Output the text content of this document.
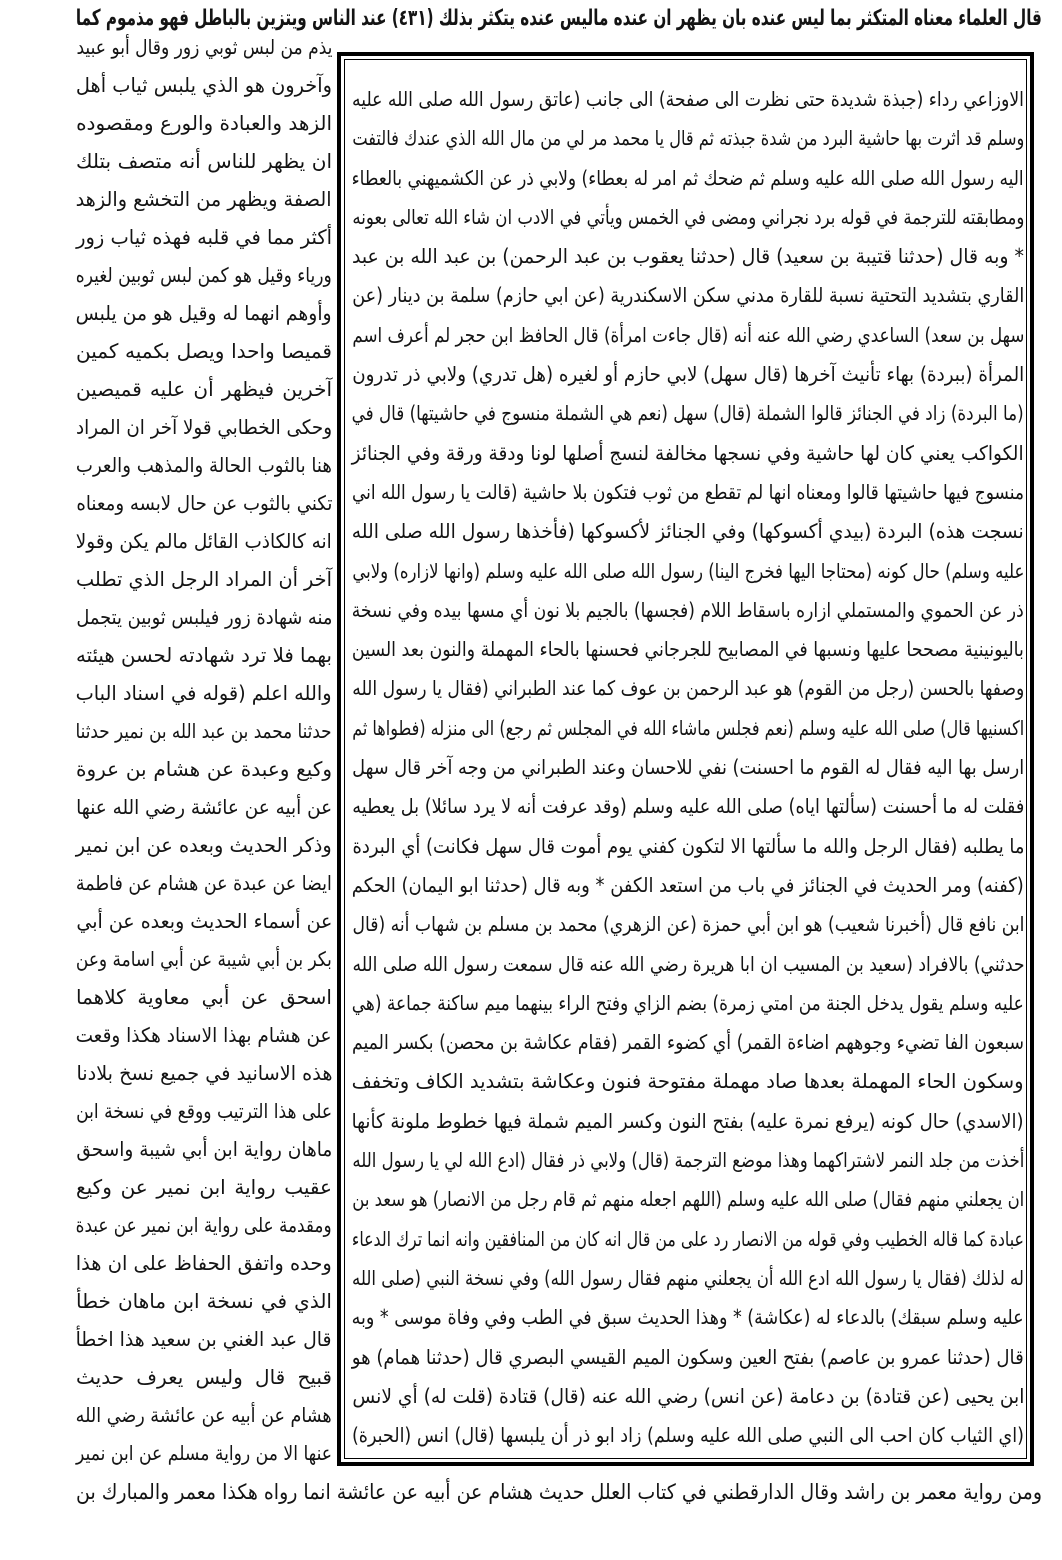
قال العلماء معناه المتكثر بما ليس عنده بان يظهر ان عنده ماليس عنده يتكثر بذلك (٤٣١) عند الناس ويتزين بالباطل فهو مذموم كما
الاوزاعي رداء (جبذة شديدة حتى نظرت الى صفحة) الى جانب (عاتق رسول الله صلى الله عليه
وسلم قد اثرت بها حاشية البرد من شدة جبذته ثم قال يا محمد مر لي من مال الله الذي عندك فالتفت
اليه رسول الله صلى الله عليه وسلم ثم ضحك ثم امر له بعطاء) ولابي ذر عن الكشميهني بالعطاء
ومطابقته للترجمة في قوله برد نجراني ومضى في الخمس ويأتي في الادب ان شاء الله تعالى بعونه
* وبه قال (حدثنا قتيبة بن سعيد) قال (حدثنا يعقوب بن عبد الرحمن) بن عبد الله بن عبد
القاري بتشديد التحتية نسبة للقارة مدني سكن الاسكندرية (عن ابي حازم) سلمة بن دينار (عن
سهل بن سعد) الساعدي رضي الله عنه أنه (قال جاءت امرأة) قال الحافظ ابن حجر لم أعرف اسم
المرأة (ببردة) بهاء تأنيث آخرها (قال سهل) لابي حازم أو لغيره (هل تدري) ولابي ذر تدرون
(ما البردة) زاد في الجنائز قالوا الشملة (قال) سهل (نعم هي الشملة منسوج في حاشيتها) قال في
الكواكب يعني كان لها حاشية وفي نسجها مخالفة لنسج أصلها لونا ودقة ورقة وفي الجنائز
منسوج فيها حاشيتها قالوا ومعناه انها لم تقطع من ثوب فتكون بلا حاشية (قالت يا رسول الله اني
نسجت هذه) البردة (بيدي أكسوكها) وفي الجنائز لأكسوكها (فأخذها رسول الله صلى الله
عليه وسلم) حال كونه (محتاجا اليها فخرج الينا) رسول الله صلى الله عليه وسلم (وانها لازاره) ولابي
ذر عن الحموي والمستملي ازاره باسقاط اللام (فجسها) بالجيم بلا نون أي مسها بيده وفي نسخة
باليونينية مصححا عليها ونسبها في المصابيح للجرجاني فحسنها بالحاء المهملة والنون بعد السين
وصفها بالحسن (رجل من القوم) هو عبد الرحمن بن عوف كما عند الطبراني (فقال يا رسول الله
اكسنيها قال) صلى الله عليه وسلم (نعم فجلس ماشاء الله في المجلس ثم رجع) الى منزله (فطواها ثم
ارسل بها اليه فقال له القوم ما احسنت) نفي للاحسان وعند الطبراني من وجه آخر قال سهل
فقلت له ما أحسنت (سألتها اياه) صلى الله عليه وسلم (وقد عرفت أنه لا يرد سائلا) بل يعطيه
ما يطلبه (فقال الرجل والله ما سألتها الا لتكون كفني يوم أموت قال سهل فكانت) أي البردة
(كفنه) ومر الحديث في الجنائز في باب من استعد الكفن * وبه قال (حدثنا ابو اليمان) الحكم
ابن نافع قال (أخبرنا شعيب) هو ابن أبي حمزة (عن الزهري) محمد بن مسلم بن شهاب أنه (قال
حدثني) بالافراد (سعيد بن المسيب ان ابا هريرة رضي الله عنه قال سمعت رسول الله صلى الله
عليه وسلم يقول يدخل الجنة من امتي زمرة) بضم الزاي وفتح الراء بينهما ميم ساكنة جماعة (هي
سبعون الفا تضيء وجوههم اضاءة القمر) أي كضوء القمر (فقام عكاشة بن محصن) بكسر الميم
وسكون الحاء المهملة بعدها صاد مهملة مفتوحة فنون وعكاشة بتشديد الكاف وتخفف
(الاسدي) حال كونه (يرفع نمرة عليه) بفتح النون وكسر الميم شملة فيها خطوط ملونة كأنها
أخذت من جلد النمر لاشتراكهما وهذا موضع الترجمة (قال) ولابي ذر فقال (ادع الله لي يا رسول الله
ان يجعلني منهم فقال) صلى الله عليه وسلم (اللهم اجعله منهم ثم قام رجل من الانصار) هو سعد بن
عبادة كما قاله الخطيب وفي قوله من الانصار رد على من قال انه كان من المنافقين وانه انما ترك الدعاء
له لذلك (فقال يا رسول الله ادع الله أن يجعلني منهم فقال رسول الله) وفي نسخة النبي (صلى الله
عليه وسلم سبقك) بالدعاء له (عكاشة) * وهذا الحديث سبق في الطب وفي وفاة موسى * وبه
قال (حدثنا عمرو بن عاصم) بفتح العين وسكون الميم القيسي البصري قال (حدثنا همام) هو
ابن يحيى (عن قتادة) بن دعامة (عن انس) رضي الله عنه (قال) قتادة (قلت له) أي لانس
(اي الثياب كان احب الى النبي صلى الله عليه وسلم) زاد ابو ذر أن يلبسها (قال) انس (الحبرة)
يذم من لبس ثوبي زور وقال أبو عبيد
وآخرون هو الذي يلبس ثياب أهل
الزهد والعبادة والورع ومقصوده
ان يظهر للناس أنه متصف بتلك
الصفة ويظهر من التخشع والزهد
أكثر مما في قلبه فهذه ثياب زور
ورياء وقيل هو كمن لبس ثوبين لغيره
وأوهم انهما له وقيل هو من يلبس
قميصا واحدا ويصل بكميه كمين
آخرين فيظهر أن عليه قميصين
وحكى الخطابي قولا آخر ان المراد
هنا بالثوب الحالة والمذهب والعرب
تكني بالثوب عن حال لابسه ومعناه
انه كالكاذب القائل مالم يكن وقولا
آخر أن المراد الرجل الذي تطلب
منه شهادة زور فيلبس ثوبين يتجمل
بهما فلا ترد شهادته لحسن هيئته
والله اعلم (قوله في اسناد الباب
حدثنا محمد بن عبد الله بن نمير حدثنا
وكيع وعبدة عن هشام بن عروة
عن أبيه عن عائشة رضي الله عنها
وذكر الحديث وبعده عن ابن نمير
ايضا عن عبدة عن هشام عن فاطمة
عن أسماء الحديث وبعده عن أبي
بكر بن أبي شيبة عن أبي اسامة وعن
اسحق عن أبي معاوية كلاهما
عن هشام بهذا الاسناد هكذا وقعت
هذه الاسانيد في جميع نسخ بلادنا
على هذا الترتيب ووقع في نسخة ابن
ماهان رواية ابن أبي شيبة واسحق
عقيب رواية ابن نمير عن وكيع
ومقدمة على رواية ابن نمير عن عبدة
وحده واتفق الحفاظ على ان هذا
الذي في نسخة ابن ماهان خطأ
قال عبد الغني بن سعيد هذا اخطأ
قبيح قال وليس يعرف حديث
هشام عن أبيه عن عائشة رضي الله
عنها الا من رواية مسلم عن ابن نمير
ومن رواية معمر بن راشد وقال الدارقطني في كتاب العلل حديث هشام عن أبيه عن عائشة انما رواه هكذا معمر والمبارك بن
